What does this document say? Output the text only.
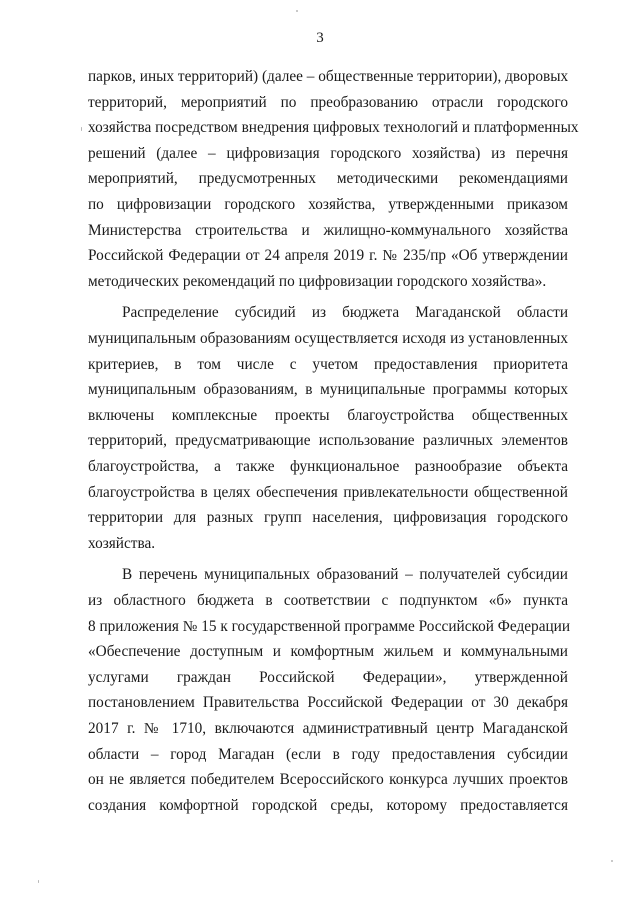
3
парков, иных территорий) (далее – общественные территории), дворовых
территорий, мероприятий по преобразованию отрасли городского
хозяйства посредством внедрения цифровых технологий и платформенных
решений (далее – цифровизация городского хозяйства) из перечня
мероприятий, предусмотренных методическими рекомендациями
по цифровизации городского хозяйства, утвержденными приказом
Министерства строительства и жилищно-коммунального хозяйства
Российской Федерации от 24 апреля 2019 г. № 235/пр «Об утверждении
методических рекомендаций по цифровизации городского хозяйства».
Распределение субсидий из бюджета Магаданской области
муниципальным образованиям осуществляется исходя из установленных
критериев, в том числе с учетом предоставления приоритета
муниципальным образованиям, в муниципальные программы которых
включены комплексные проекты благоустройства общественных
территорий, предусматривающие использование различных элементов
благоустройства, а также функциональное разнообразие объекта
благоустройства в целях обеспечения привлекательности общественной
территории для разных групп населения, цифровизация городского
хозяйства.
В перечень муниципальных образований – получателей субсидии
из областного бюджета в соответствии с подпунктом «б» пункта
8 приложения № 15 к государственной программе Российской Федерации
«Обеспечение доступным и комфортным жильем и коммунальными
услугами граждан Российской Федерации», утвержденной
постановлением Правительства Российской Федерации от 30 декабря
2017 г. № 1710, включаются административный центр Магаданской
области – город Магадан (если в году предоставления субсидии
он не является победителем Всероссийского конкурса лучших проектов
создания комфортной городской среды, которому предоставляется
